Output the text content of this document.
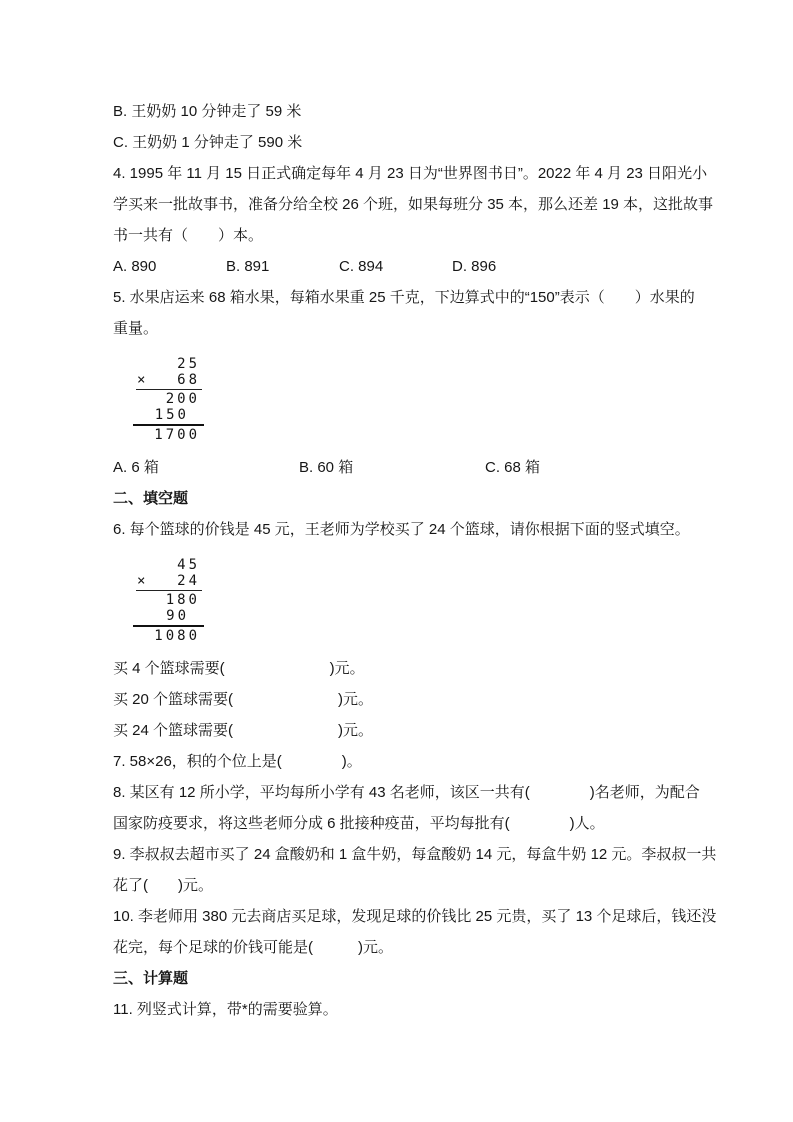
B. 王奶奶 10 分钟走了 59 米
C. 王奶奶 1 分钟走了 590 米
4. 1995 年 11 月 15 日正式确定每年 4 月 23 日为“世界图书日”。2022 年 4 月 23 日阳光小
学买来一批故事书，准备分给全校 26 个班，如果每班分 35 本，那么还差 19 本，这批故事
书一共有（　　）本。
A. 890	B. 891	C. 894	D. 896
5. 水果店运来 68 箱水果，每箱水果重 25 千克，下边算式中的“150”表示（　　）水果的
重量。
25
× 68
200
150
1700
A. 6 箱	B. 60 箱	C. 68 箱
二、填空题
6. 每个篮球的价钱是 45 元，王老师为学校买了 24 个篮球，请你根据下面的竖式填空。
45
× 24
180
90
1080
买 4 个篮球需要(　　　　　　　)元。
买 20 个篮球需要(　　　　　　　)元。
买 24 个篮球需要(　　　　　　　)元。
7. 58×26，积的个位上是(　　　　)。
8. 某区有 12 所小学，平均每所小学有 43 名老师，该区一共有(　　　　)名老师，为配合
国家防疫要求，将这些老师分成 6 批接种疫苗，平均每批有(　　　　)人。
9. 李叔叔去超市买了 24 盒酸奶和 1 盒牛奶，每盒酸奶 14 元，每盒牛奶 12 元。李叔叔一共
花了(　　)元。
10. 李老师用 380 元去商店买足球，发现足球的价钱比 25 元贵，买了 13 个足球后，钱还没
花完，每个足球的价钱可能是(　　　)元。
三、计算题
11. 列竖式计算，带*的需要验算。
